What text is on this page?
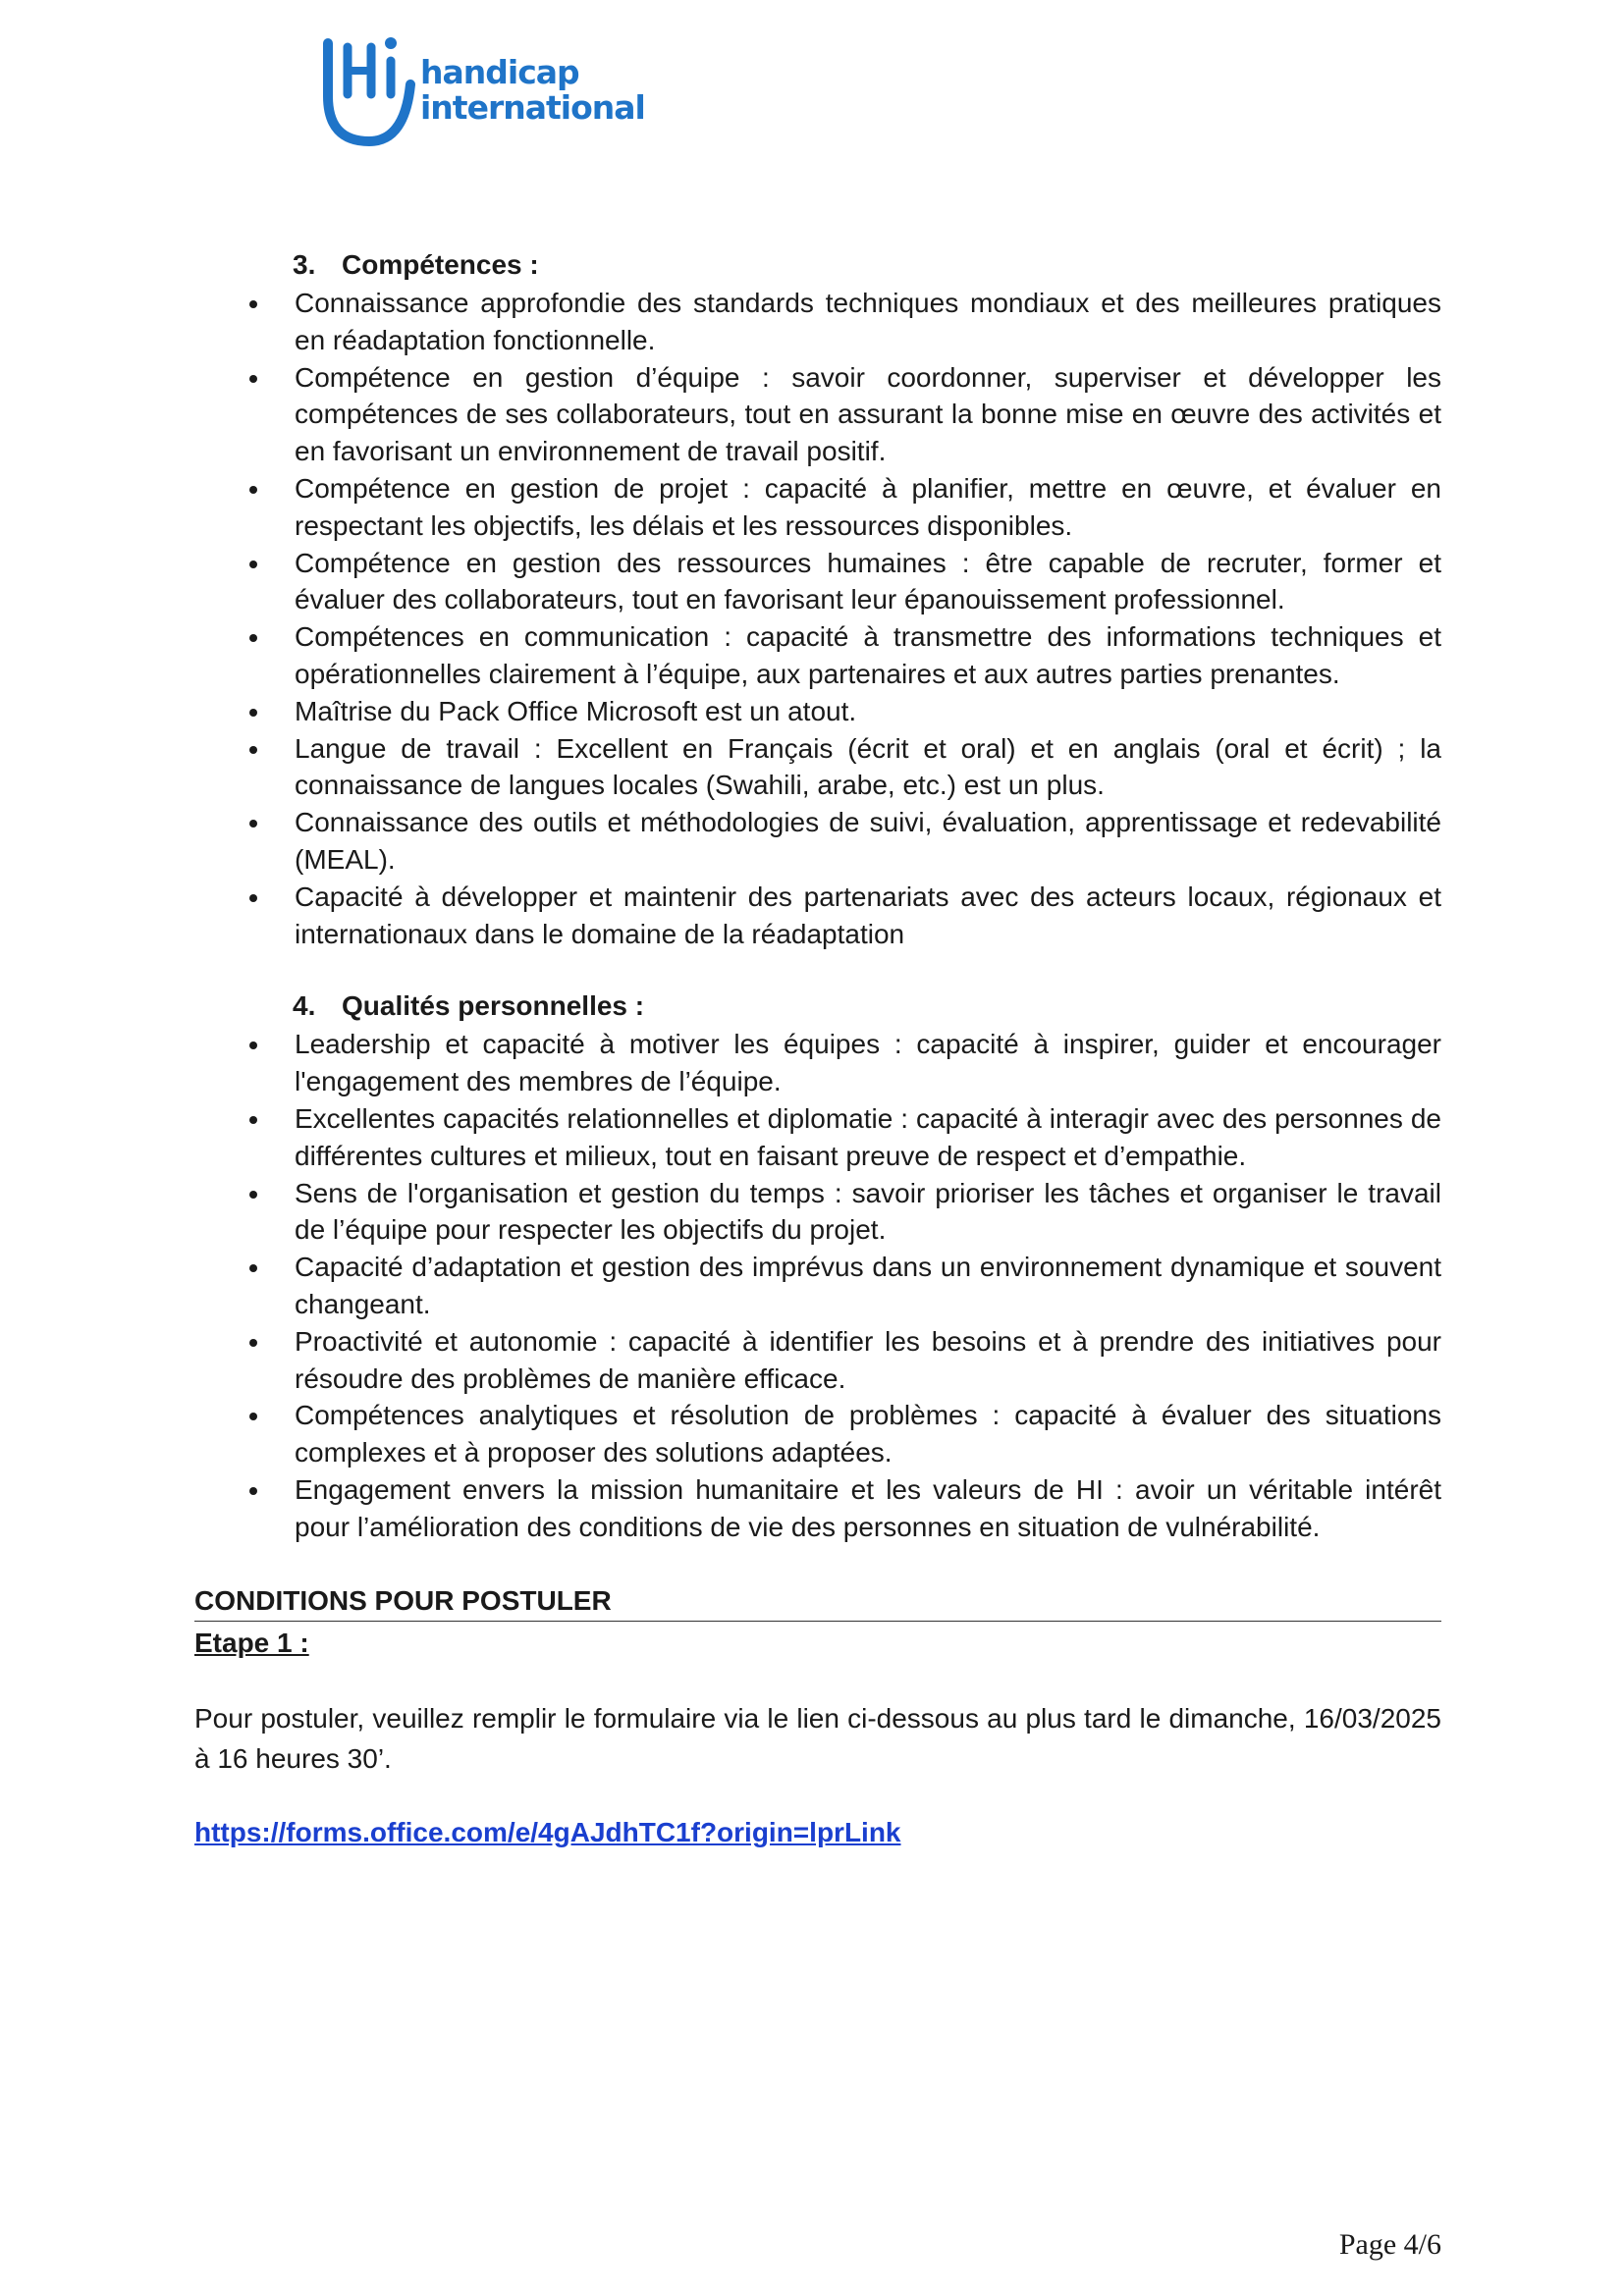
handicap
international
3. Compétences :
Connaissance approfondie des standards techniques mondiaux et des meilleures pratiques en réadaptation fonctionnelle.
Compétence en gestion d’équipe : savoir coordonner, superviser et développer les compétences de ses collaborateurs, tout en assurant la bonne mise en œuvre des activités et en favorisant un environnement de travail positif.
Compétence en gestion de projet : capacité à planifier, mettre en œuvre, et évaluer en respectant les objectifs, les délais et les ressources disponibles.
Compétence en gestion des ressources humaines : être capable de recruter, former et évaluer des collaborateurs, tout en favorisant leur épanouissement professionnel.
Compétences en communication : capacité à transmettre des informations techniques et opérationnelles clairement à l’équipe, aux partenaires et aux autres parties prenantes.
Maîtrise du Pack Office Microsoft est un atout.
Langue de travail : Excellent en Français (écrit et oral) et en anglais (oral et écrit) ; la connaissance de langues locales (Swahili, arabe, etc.) est un plus.
Connaissance des outils et méthodologies de suivi, évaluation, apprentissage et redevabilité (MEAL).
Capacité à développer et maintenir des partenariats avec des acteurs locaux, régionaux et internationaux dans le domaine de la réadaptation
4. Qualités personnelles :
Leadership et capacité à motiver les équipes : capacité à inspirer, guider et encourager l'engagement des membres de l’équipe.
Excellentes capacités relationnelles et diplomatie : capacité à interagir avec des personnes de différentes cultures et milieux, tout en faisant preuve de respect et d’empathie.
Sens de l'organisation et gestion du temps : savoir prioriser les tâches et organiser le travail de l’équipe pour respecter les objectifs du projet.
Capacité d’adaptation et gestion des imprévus dans un environnement dynamique et souvent changeant.
Proactivité et autonomie : capacité à identifier les besoins et à prendre des initiatives pour résoudre des problèmes de manière efficace.
Compétences analytiques et résolution de problèmes : capacité à évaluer des situations complexes et à proposer des solutions adaptées.
Engagement envers la mission humanitaire et les valeurs de HI : avoir un véritable intérêt pour l’amélioration des conditions de vie des personnes en situation de vulnérabilité.
CONDITIONS POUR POSTULER
Etape 1 :
Pour postuler, veuillez remplir le formulaire via le lien ci-dessous au plus tard le dimanche, 16/03/2025 à 16 heures 30’.
https://forms.office.com/e/4gAJdhTC1f?origin=lprLink
Page 4/6
